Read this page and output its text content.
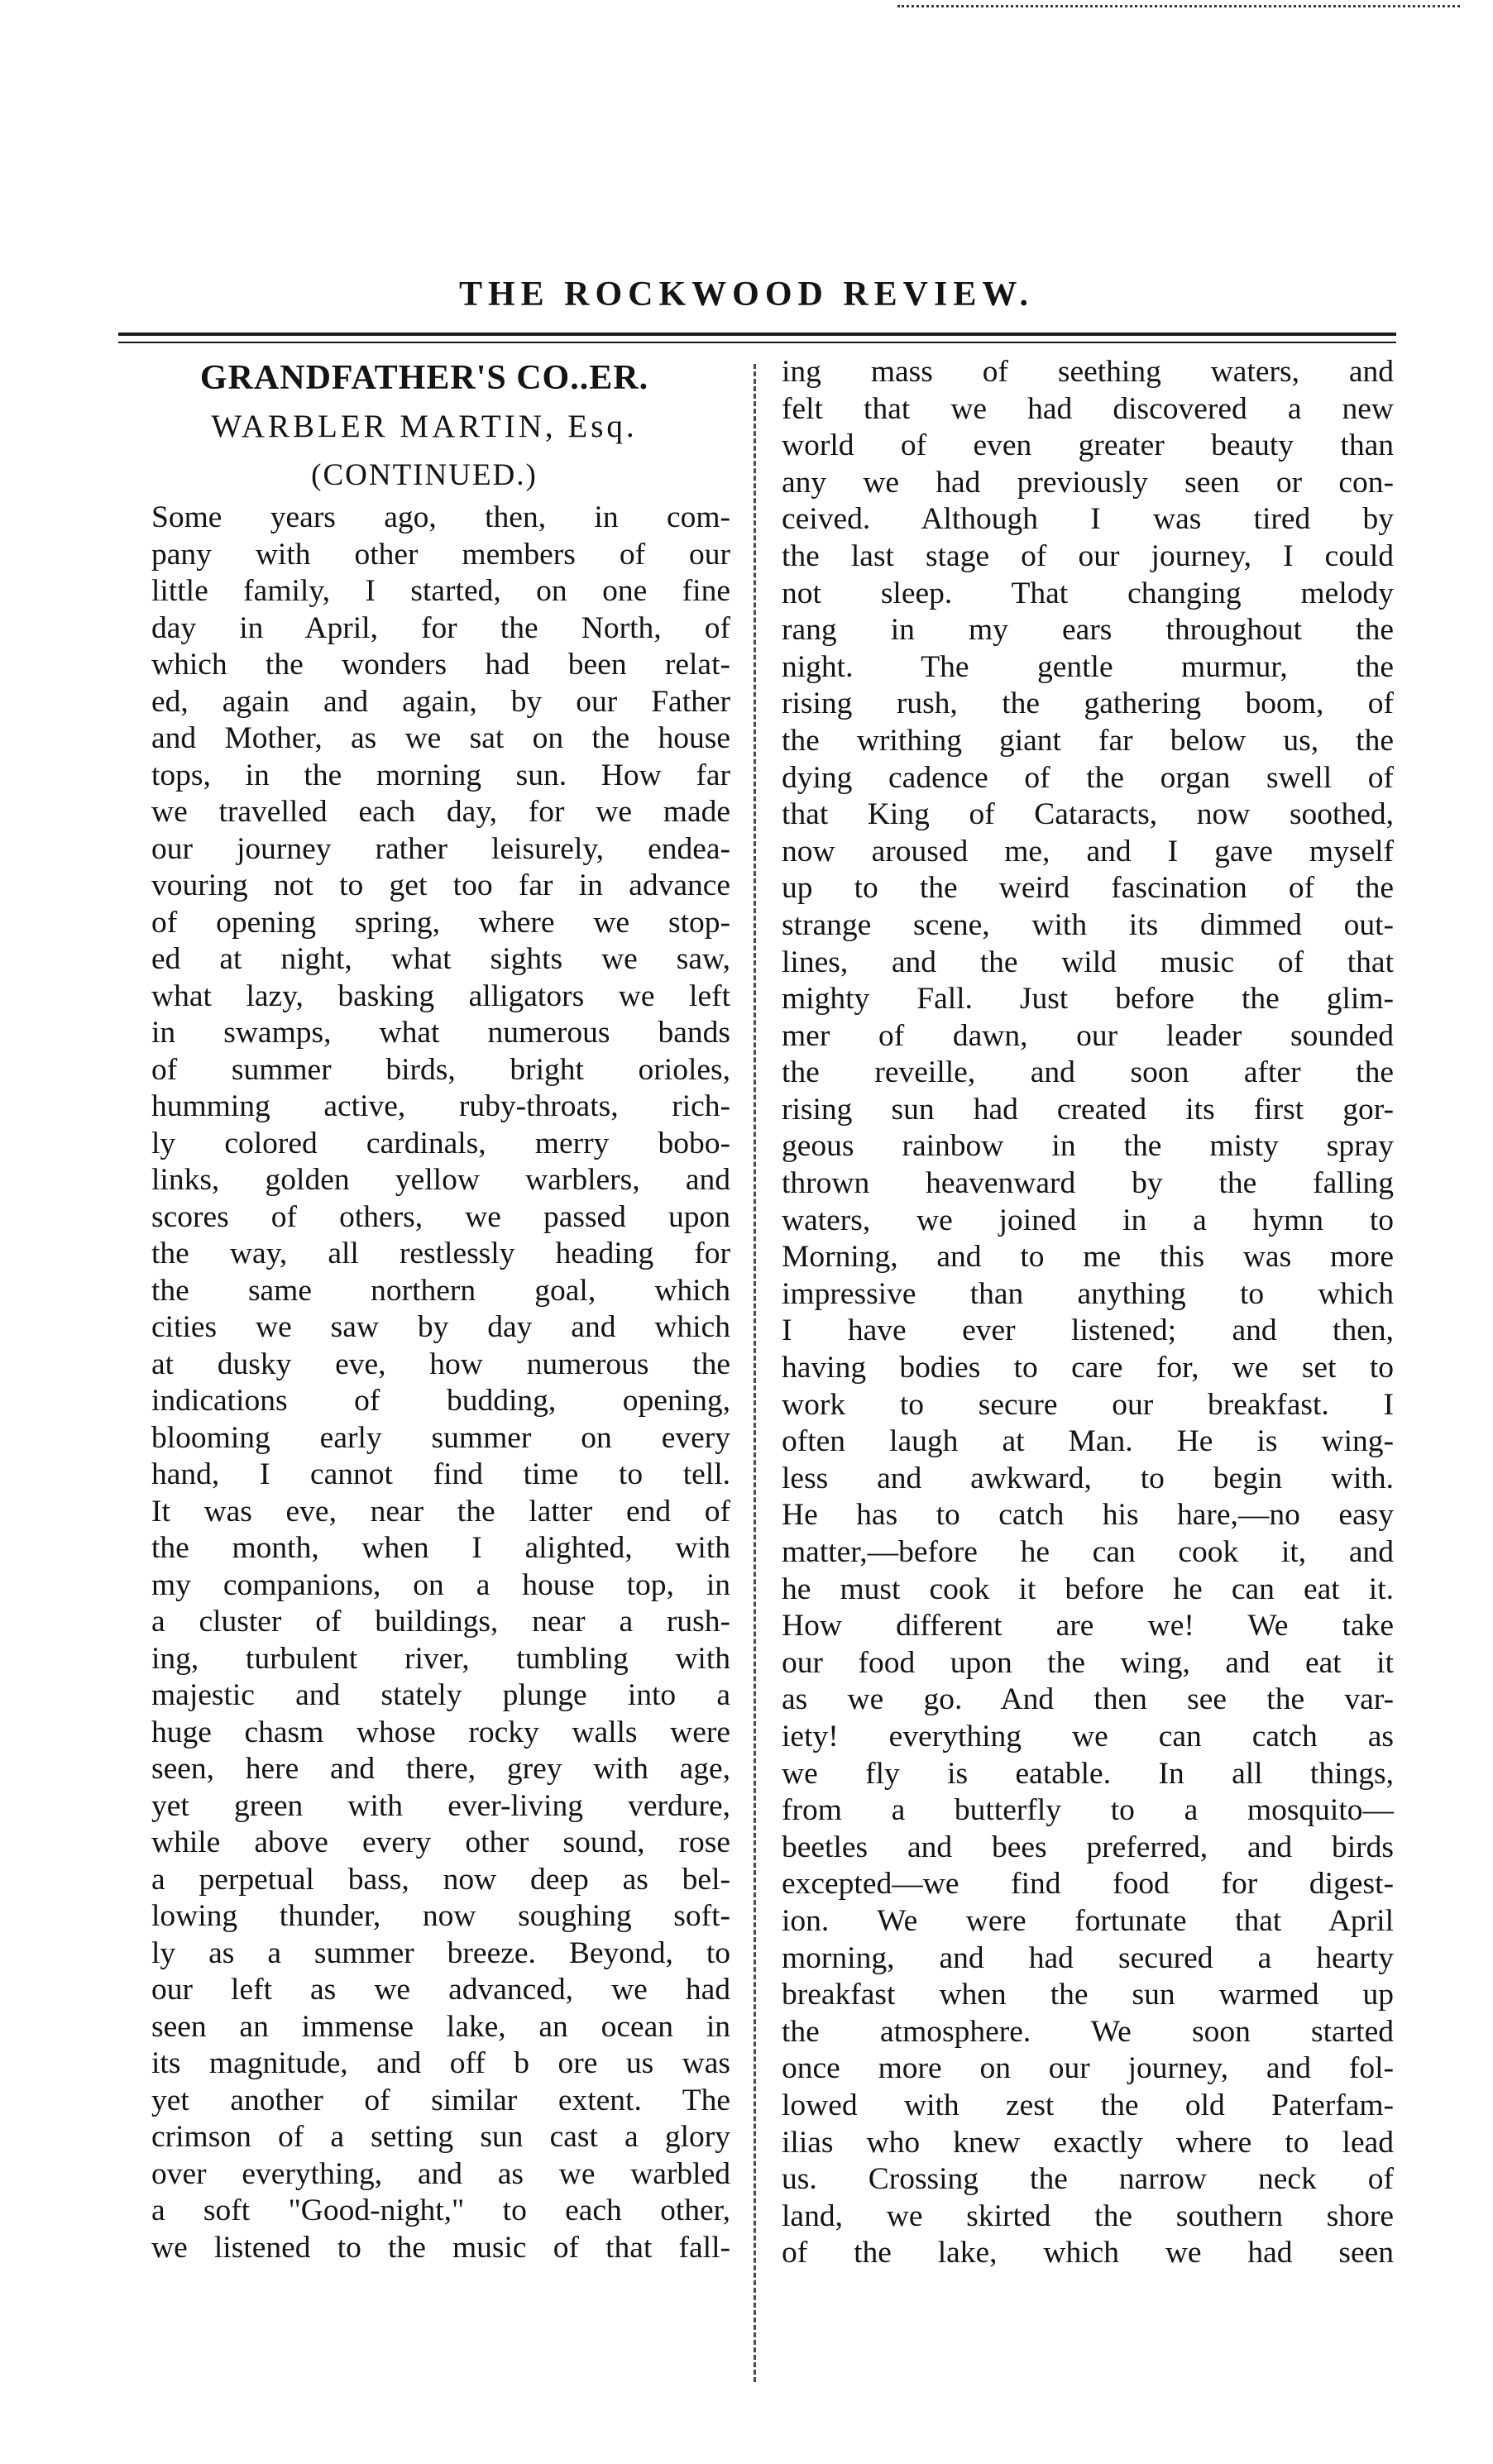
THE ROCKWOOD REVIEW.
GRANDFATHER'S CO..ER.
WARBLER MARTIN, Esq.
(CONTINUED.)
Some years ago, then, in com-
pany with other members of our
little family, I started, on one fine
day in April, for the North, of
which the wonders had been relat-
ed, again and again, by our Father
and Mother, as we sat on the house
tops, in the morning sun. How far
we travelled each day, for we made
our journey rather leisurely, endea-
vouring not to get too far in advance
of opening spring, where we stop-
ed at night, what sights we saw,
what lazy, basking alligators we left
in swamps, what numerous bands
of summer birds, bright orioles,
humming active, ruby-throats, rich-
ly colored cardinals, merry bobo-
links, golden yellow warblers, and
scores of others, we passed upon
the way, all restlessly heading for
the same northern goal, which
cities we saw by day and which
at dusky eve, how numerous the
indications of budding, opening,
blooming early summer on every
hand, I cannot find time to tell.
It was eve, near the latter end of
the month, when I alighted, with
my companions, on a house top, in
a cluster of buildings, near a rush-
ing, turbulent river, tumbling with
majestic and stately plunge into a
huge chasm whose rocky walls were
seen, here and there, grey with age,
yet green with ever-living verdure,
while above every other sound, rose
a perpetual bass, now deep as bel-
lowing thunder, now soughing soft-
ly as a summer breeze. Beyond, to
our left as we advanced, we had
seen an immense lake, an ocean in
its magnitude, and off b ore us was
yet another of similar extent. The
crimson of a setting sun cast a glory
over everything, and as we warbled
a soft "Good-night," to each other,
we listened to the music of that fall-
ing mass of seething waters, and
felt that we had discovered a new
world of even greater beauty than
any we had previously seen or con-
ceived. Although I was tired by
the last stage of our journey, I could
not sleep. That changing melody
rang in my ears throughout the
night. The gentle murmur, the
rising rush, the gathering boom, of
the writhing giant far below us, the
dying cadence of the organ swell of
that King of Cataracts, now soothed,
now aroused me, and I gave myself
up to the weird fascination of the
strange scene, with its dimmed out-
lines, and the wild music of that
mighty Fall. Just before the glim-
mer of dawn, our leader sounded
the reveille, and soon after the
rising sun had created its first gor-
geous rainbow in the misty spray
thrown heavenward by the falling
waters, we joined in a hymn to
Morning, and to me this was more
impressive than anything to which
I have ever listened; and then,
having bodies to care for, we set to
work to secure our breakfast. I
often laugh at Man. He is wing-
less and awkward, to begin with.
He has to catch his hare,—no easy
matter,—before he can cook it, and
he must cook it before he can eat it.
How different are we! We take
our food upon the wing, and eat it
as we go. And then see the var-
iety! everything we can catch as
we fly is eatable. In all things,
from a butterfly to a mosquito—
beetles and bees preferred, and birds
excepted—we find food for digest-
ion. We were fortunate that April
morning, and had secured a hearty
breakfast when the sun warmed up
the atmosphere. We soon started
once more on our journey, and fol-
lowed with zest the old Paterfam-
ilias who knew exactly where to lead
us. Crossing the narrow neck of
land, we skirted the southern shore
of the lake, which we had seen
